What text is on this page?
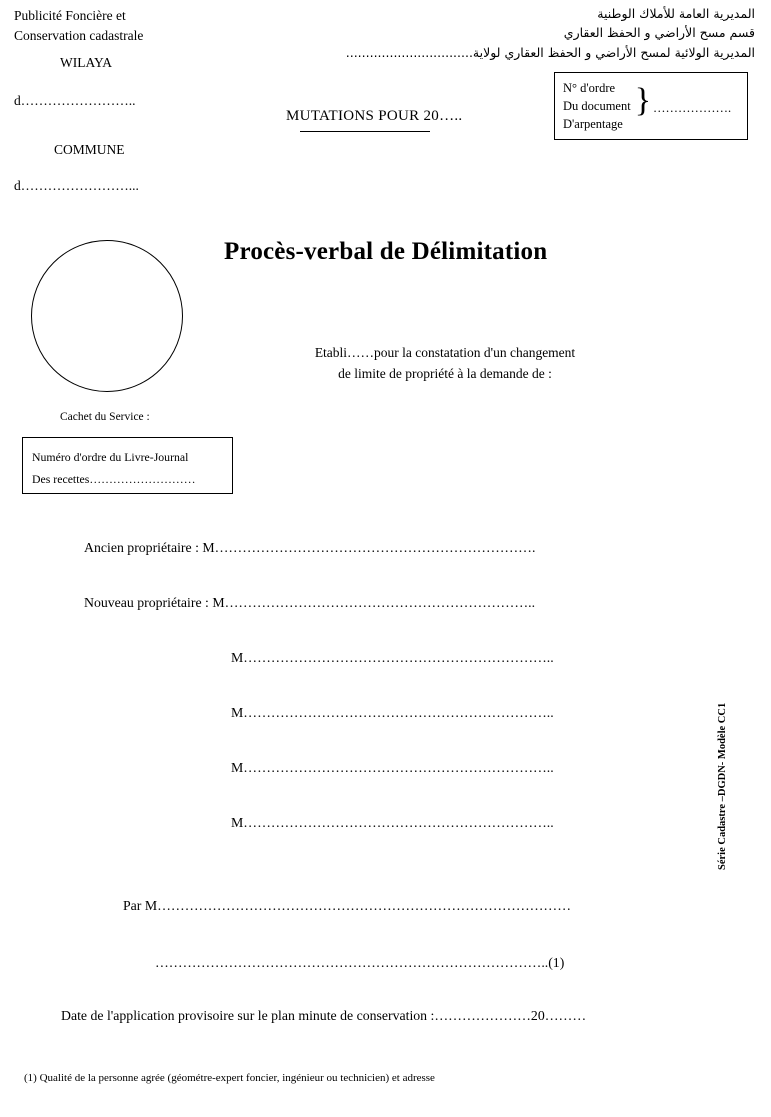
Publicité Foncière et
Conservation cadastrale
WILAYA
d……………………..
COMMUNE
d……………………...
المديرية العامة للأملاك الوطنية
قسم مسح الأراضي و الحفظ العقاري
المديرية الولائية لمسح الأراضي و الحفظ العقاري لولاية................................
N° d'ordre
Du document
D'arpentage} ……………….
MUTATIONS POUR 20…..
Cachet du Service :
Numéro d'ordre du Livre-Journal
Des recettes………………………
Procès-verbal de Délimitation
Etabli……pour la constatation d'un changement
de limite de propriété à la demande de :
Ancien propriétaire : M…………………………………………………………….
Nouveau propriétaire : M…………………………………………………………..
M…………………………………………………………..
M…………………………………………………………..
M…………………………………………………………..
M…………………………………………………………..
Par M………………………………………………………………………………
…………………………………………………………………………..(1)
Date de l'application provisoire sur le plan minute de conservation :…………………20………
Série Cadastre –DGDN- Modèle CC1
(1) Qualité de la personne agrée (géométre-expert foncier, ingénieur ou technicien) et adresse
